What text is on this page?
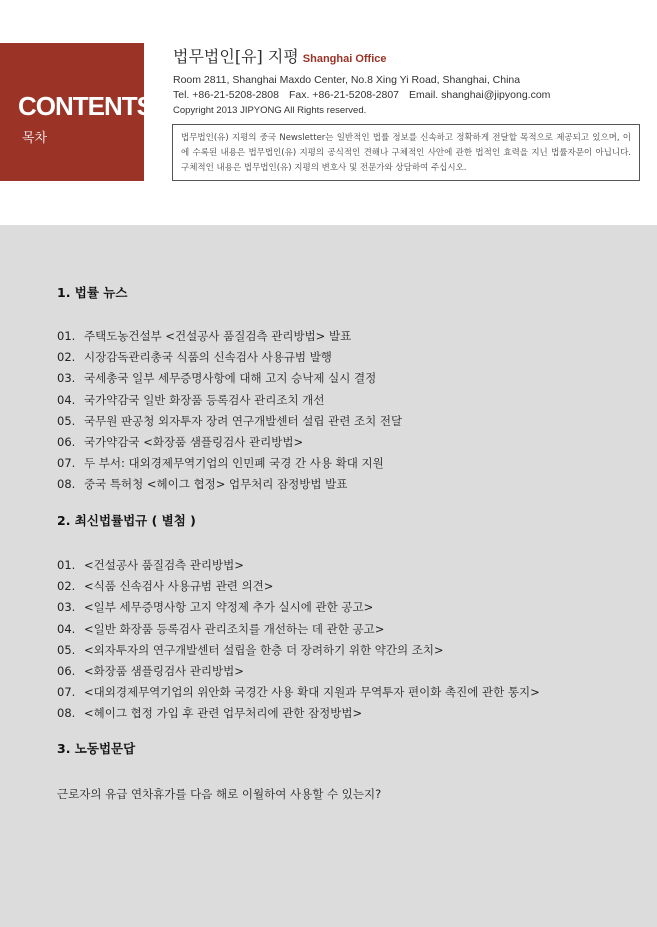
CONTENTS
목차
법무법인[유] 지평 Shanghai Office
Room 2811, Shanghai Maxdo Center, No.8 Xing Yi Road, Shanghai, China
Tel. +86-21-5208-2808 Fax. +86-21-5208-2807 Email. shanghai@jipyong.com
Copyright 2013 JIPYONG All Rights reserved.
법무법인(유) 지평의 중국 Newsletter는 일반적인 법률 정보를 신속하고 정확하게 전달할 목적으로 제공되고 있으며, 이에 수록된 내용은 법무법인(유) 지평의 공식적인 견해나 구체적인 사안에 관한 법적인 효력을 지닌 법률자문이 아닙니다. 구체적인 내용은 법무법인(유) 지평의 변호사 및 전문가와 상담하여 주십시오.
1. 법률 뉴스
01. 주택도농건설부 <건설공사 품질검측 관리방법> 발표
02. 시장감독관리총국 식품의 신속검사 사용규범 발행
03. 국세총국 일부 세무증명사항에 대해 고지 승낙제 실시 결정
04. 국가약감국 일반 화장품 등록검사 관리조치 개선
05. 국무원 판공청 외자투자 장려 연구개발센터 설립 관련 조치 전달
06. 국가약감국 <화장품 샘플링검사 관리방법>
07. 두 부서: 대외경제무역기업의 인민폐 국경 간 사용 확대 지원
08. 중국 특허청 <헤이그 협정> 업무처리 잠정방법 발표
2. 최신법률법규 ( 별첨 )
01. <건설공사 품질검측 관리방법>
02. <식품 신속검사 사용규범 관련 의견>
03. <일부 세무증명사항 고지 약정제 추가 실시에 관한 공고>
04. <일반 화장품 등록검사 관리조치를 개선하는 데 관한 공고>
05. <외자투자의 연구개발센터 설립을 한층 더 장려하기 위한 약간의 조치>
06. <화장품 샘플링검사 관리방법>
07. <대외경제무역기업의 위안화 국경간 사용 확대 지원과 무역투자 편이화 촉진에 관한 통지>
08. <헤이그 협정 가입 후 관련 업무처리에 관한 잠정방법>
3. 노동법문답
근로자의 유급 연차휴가를 다음 해로 이월하여 사용할 수 있는지?
